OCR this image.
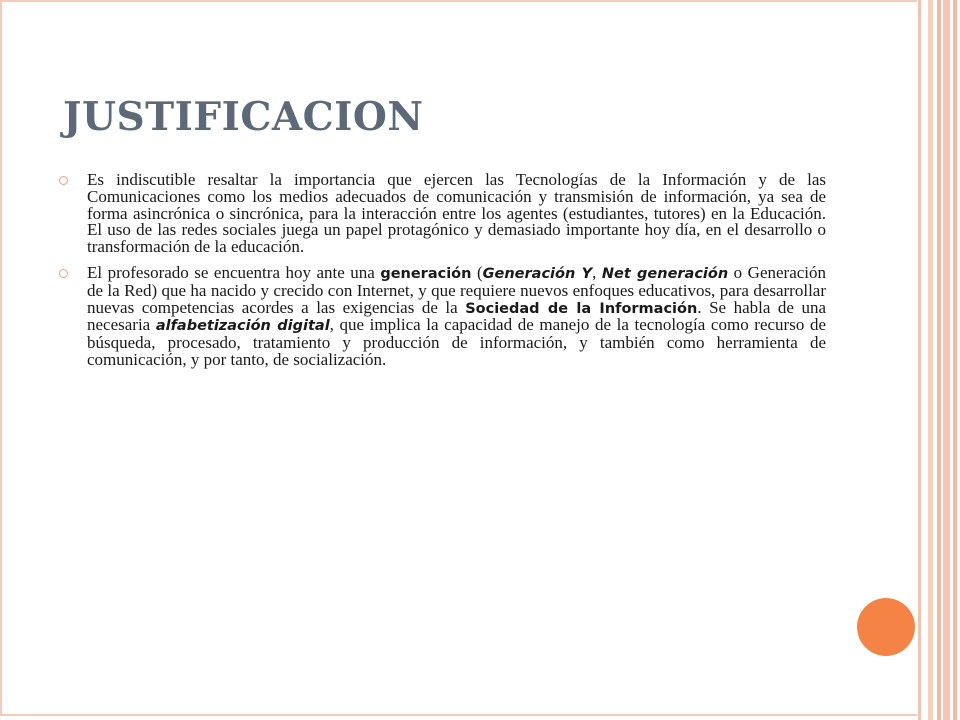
JUSTIFICACION

Es indiscutible resaltar la importancia que ejercen las Tecnologías de la Información y de las Comunicaciones como los medios adecuados de comunicación y transmisión de información, ya sea de forma asincrónica o sincrónica, para la interacción entre los agentes (estudiantes, tutores) en la Educación. El uso de las redes sociales juega un papel protagónico y demasiado importante hoy día, en el desarrollo o transformación de la educación.

El profesorado se encuentra hoy ante una generación (Generación Y, Net generación o Generación de la Red) que ha nacido y crecido con Internet, y que requiere nuevos enfoques educativos, para desarrollar nuevas competencias acordes a las exigencias de la Sociedad de la Información. Se habla de una necesaria alfabetización digital, que implica la capacidad de manejo de la tecnología como recurso de búsqueda, procesado, tratamiento y producción de información, y también como herramienta de comunicación, y por tanto, de socialización.
